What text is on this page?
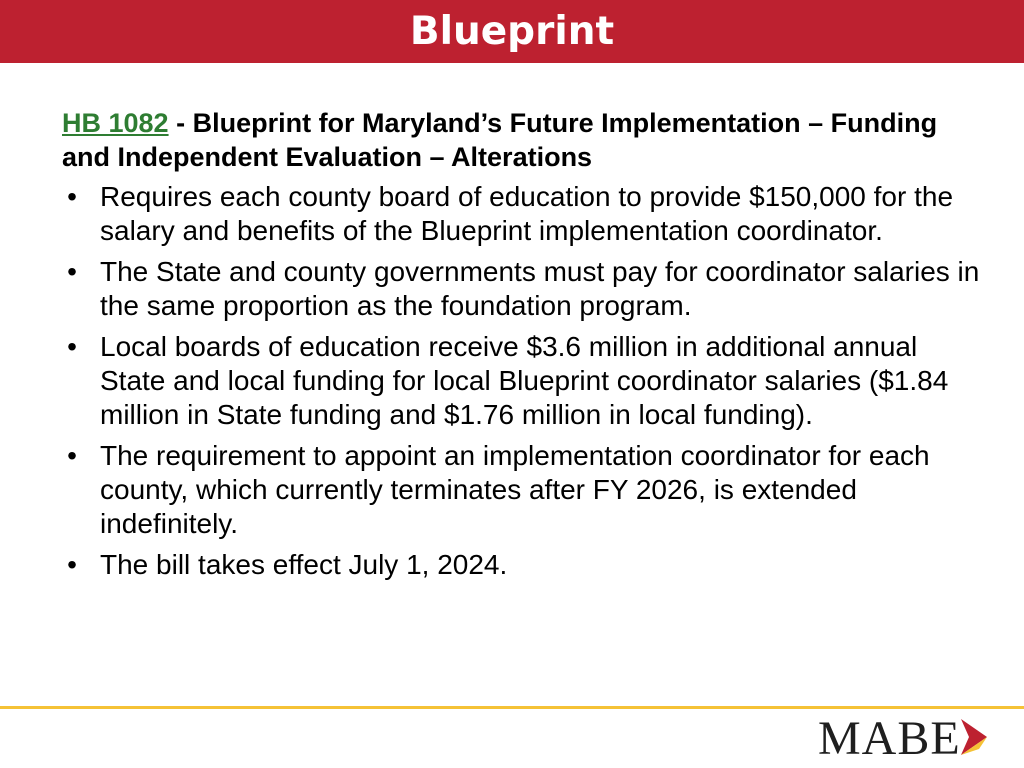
Blueprint

HB 1082 - Blueprint for Maryland’s Future Implementation – Funding and Independent Evaluation – Alterations

• Requires each county board of education to provide $150,000 for the salary and benefits of the Blueprint implementation coordinator.
• The State and county governments must pay for coordinator salaries in the same proportion as the foundation program.
• Local boards of education receive $3.6 million in additional annual State and local funding for local Blueprint coordinator salaries ($1.84 million in State funding and $1.76 million in local funding).
• The requirement to appoint an implementation coordinator for each county, which currently terminates after FY 2026, is extended indefinitely.
• The bill takes effect July 1, 2024.
MABE
